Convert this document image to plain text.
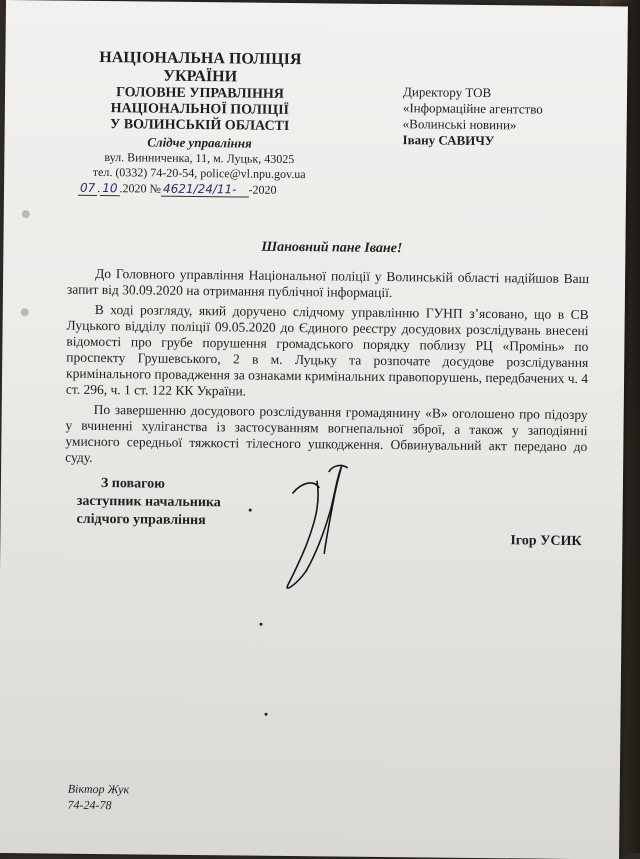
НАЦІОНАЛЬНА ПОЛІЦІЯ
УКРАЇНИ
ГОЛОВНЕ УПРАВЛІННЯ
НАЦІОНАЛЬНОЇ ПОЛІЦІЇ
У ВОЛИНСЬКІЙ ОБЛАСТІ
Слідче управління
вул. Винниченка, 11, м. Луцьк, 43025
тел. (0332) 74-20-54, police@vl.npu.gov.ua
07 . 10 .2020 № 4621/24/11- -2020
Директору ТОВ
«Інформаційне агентство
«Волинські новини»
Івану САВИЧУ
Шановний пане Іване!

До Головного управління Національної поліції у Волинській області надійшов Ваш запит від 30.09.2020 на отримання публічної інформації.

В ході розгляду, який доручено слідчому управлінню ГУНП з’ясовано, що в СВ Луцького відділу поліції 09.05.2020 до Єдиного реєстру досудових розслідувань внесені відомості про грубе порушення громадського порядку поблизу РЦ «Промінь» по проспекту Грушевського, 2 в м. Луцьку та розпочате досудове розслідування кримінального провадження за ознаками кримінальних правопорушень, передбачених ч. 4 ст. 296, ч. 1 ст. 122 КК України.

По завершенню досудового розслідування громадянину «В» оголошено про підозру у вчиненні хуліганства із застосуванням вогнепальної зброї, а також у заподіянні умисного середньої тяжкості тілесного ушкодження. Обвинувальний акт передано до суду.

З повагою
заступник начальника
слідчого управління
Ігор УСИК
Віктор Жук
74-24-78
